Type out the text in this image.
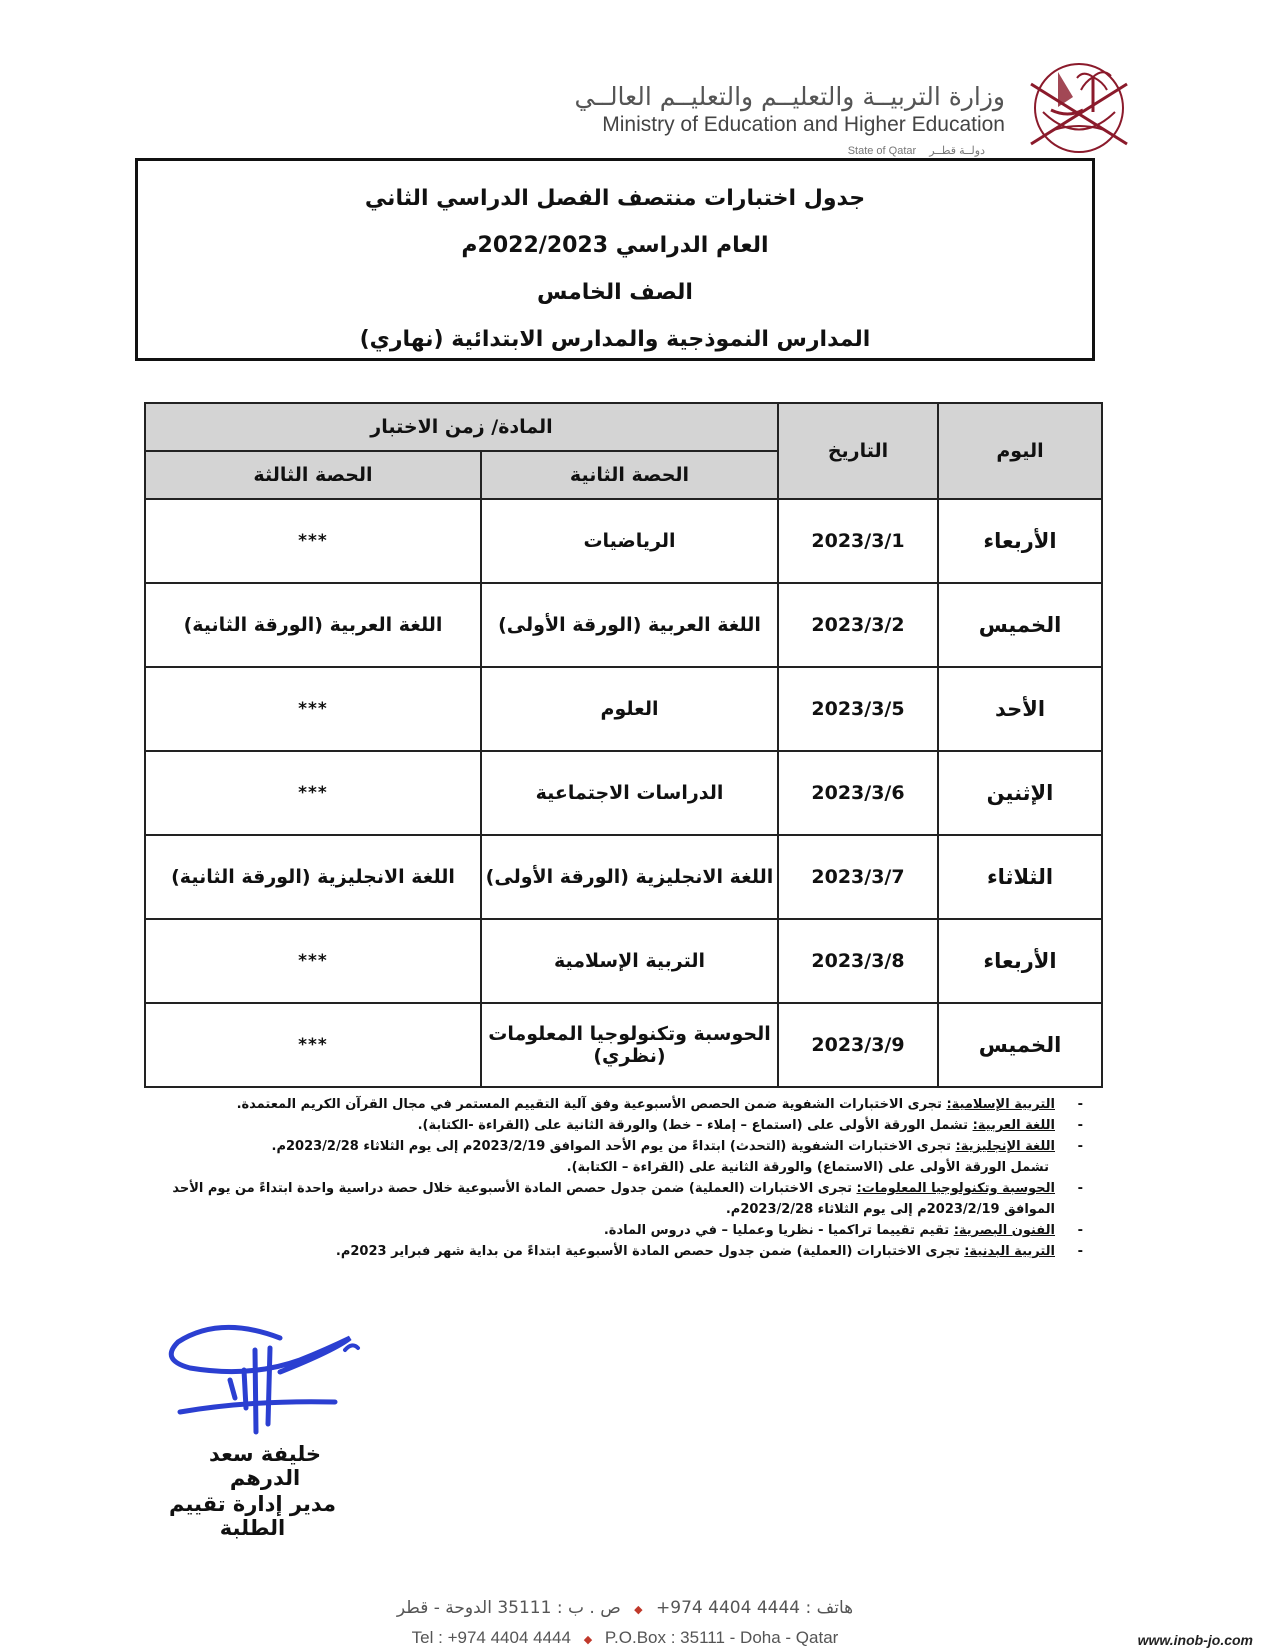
وزارة التربيــة والتعليــم والتعليــم العالــي
Ministry of Education and Higher Education
State of Qatar دولــة قطــر
جدول اختبارات منتصف الفصل الدراسي الثاني
العام الدراسي 2022/2023م
الصف الخامس
المدارس النموذجية والمدارس الابتدائية (نهاري)
اليوم	التاريخ	المادة/ زمن الاختبار	
		الحصة الثانية	الحصة الثالثة
الأربعاء	2023/3/1	الرياضيات	***
الخميس	2023/3/2	اللغة العربية (الورقة الأولى)	اللغة العربية (الورقة الثانية)
الأحد	2023/3/5	العلوم	***
الإثنين	2023/3/6	الدراسات الاجتماعية	***
الثلاثاء	2023/3/7	اللغة الانجليزية (الورقة الأولى)	اللغة الانجليزية (الورقة الثانية)
الأربعاء	2023/3/8	التربية الإسلامية	***
الخميس	2023/3/9	الحوسبة وتكنولوجيا المعلومات (نظري)	***
-
التربية الإسلامية: تجرى الاختبارات الشفوية ضمن الحصص الأسبوعية وفق آلية التقييم المستمر في مجال القرآن الكريم المعتمدة.
-
اللغة العربية: تشمل الورقة الأولى على (استماع – إملاء – خط) والورقة الثانية على (القراءة -الكتابة).
-
اللغة الإنجليزية: تجرى الاختبارات الشفوية (التحدث) ابتداءً من يوم الأحد الموافق 2023/2/19م إلى يوم الثلاثاء 2023/2/28م.
تشمل الورقة الأولى على (الاستماع) والورقة الثانية على (القراءة – الكتابة).
-
الحوسبة وتكنولوجيا المعلومات: تجرى الاختبارات (العملية) ضمن جدول حصص المادة الأسبوعية خلال حصة دراسية واحدة ابتداءً من يوم الأحد الموافق 2023/2/19م إلى يوم الثلاثاء 2023/2/28م.
-
الفنون البصرية: تقيم تقييما تراكميا - نظريا وعمليا – في دروس المادة.
-
التربية البدنية: تجرى الاختبارات (العملية) ضمن جدول حصص المادة الأسبوعية ابتداءً من بداية شهر فبراير 2023م.
خليفة سعد الدرهم
مدير إدارة تقييم الطلبة
هاتف : 4444 4404 974+ ◆ ص . ب : 35111 الدوحة - قطر
Tel : +974 4404 4444 ◆ P.O.Box : 35111 - Doha - Qatar	www.inob-jo.com
